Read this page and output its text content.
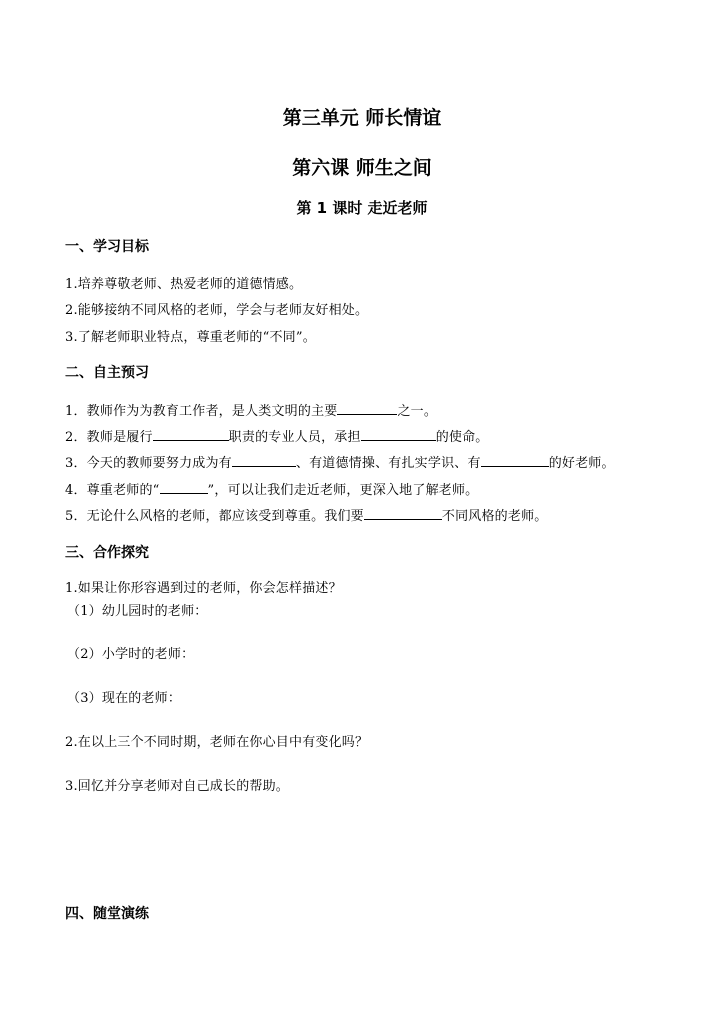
第三单元 师长情谊
第六课 师生之间
第 1 课时 走近老师
一、学习目标
1.培养尊敬老师、热爱老师的道德情感。
2.能够接纳不同风格的老师，学会与老师友好相处。
3.了解老师职业特点，尊重老师的“不同”。
二、自主预习
1．教师作为为教育工作者，是人类文明的主要	之一。
2．教师是履行	职责的专业人员，承担	的使命。
3．今天的教师要努力成为有	、有道德情操、有扎实学识、有	的好老师。
4．尊重老师的“	”，可以让我们走近老师，更深入地了解老师。
5．无论什么风格的老师，都应该受到尊重。我们要	不同风格的老师。
三、合作探究
1.如果让你形容遇到过的老师，你会怎样描述？
（1）幼儿园时的老师：
（2）小学时的老师：
（3）现在的老师：
2.在以上三个不同时期，老师在你心目中有变化吗？
3.回忆并分享老师对自己成长的帮助。
四、随堂演练
